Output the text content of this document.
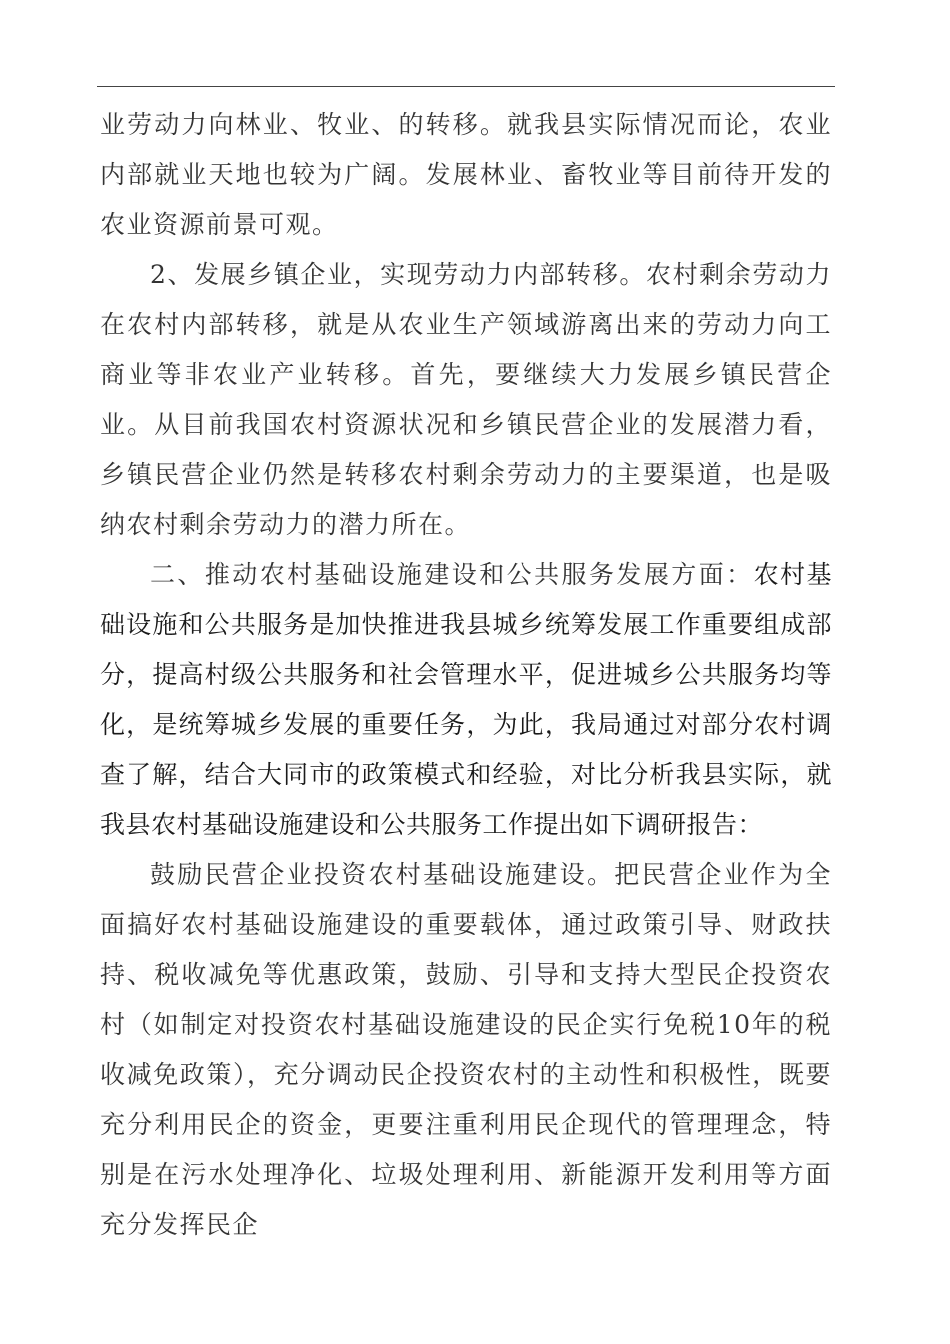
业劳动力向林业、牧业、的转移。就我县实际情况而论，农业内部就业天地也较为广阔。发展林业、畜牧业等目前待开发的农业资源前景可观。

2、发展乡镇企业，实现劳动力内部转移。农村剩余劳动力在农村内部转移，就是从农业生产领域游离出来的劳动力向工商业等非农业产业转移。首先，要继续大力发展乡镇民营企业。从目前我国农村资源状况和乡镇民营企业的发展潜力看，乡镇民营企业仍然是转移农村剩余劳动力的主要渠道，也是吸纳农村剩余劳动力的潜力所在。

二、推动农村基础设施建设和公共服务发展方面：农村基础设施和公共服务是加快推进我县城乡统筹发展工作重要组成部分，提高村级公共服务和社会管理水平，促进城乡公共服务均等化，是统筹城乡发展的重要任务，为此，我局通过对部分农村调查了解，结合大同市的政策模式和经验，对比分析我县实际，就我县农村基础设施建设和公共服务工作提出如下调研报告：

鼓励民营企业投资农村基础设施建设。把民营企业作为全面搞好农村基础设施建设的重要载体，通过政策引导、财政扶持、税收减免等优惠政策，鼓励、引导和支持大型民企投资农村（如制定对投资农村基础设施建设的民企实行免税10年的税收减免政策），充分调动民企投资农村的主动性和积极性，既要充分利用民企的资金，更要注重利用民企现代的管理理念，特别是在污水处理净化、垃圾处理利用、新能源开发利用等方面充分发挥民企
